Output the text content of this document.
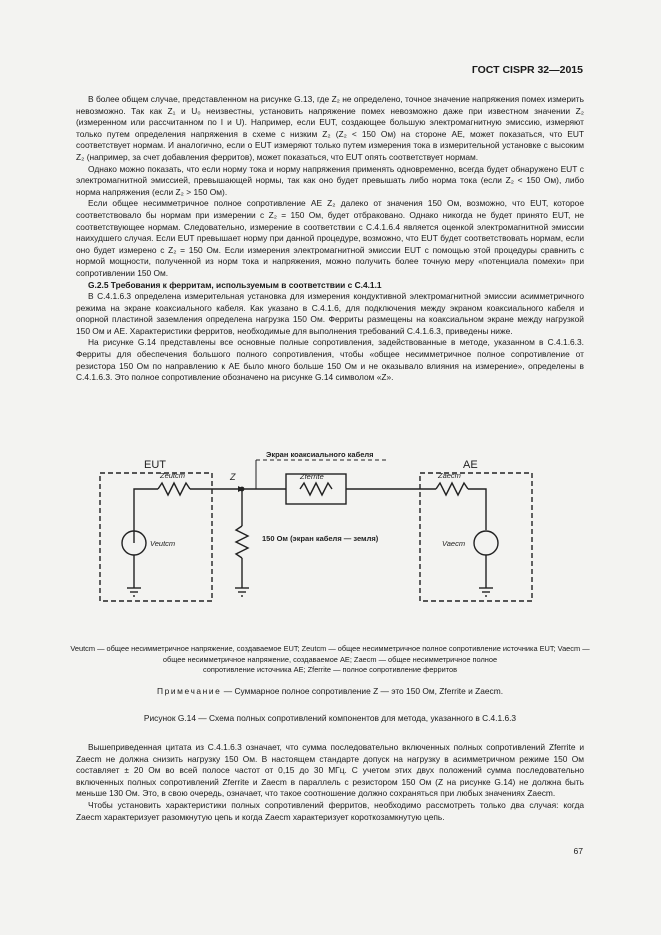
ГОСТ CISPR 32—2015

В более общем случае, представленном на рисунке G.13, где Z₂ не определено, точное значение напряжения помех измерить невозможно. Так как Z₁ и U₀ неизвестны, установить напряжение помех невозможно даже при известном значении Z₂ (измеренном или рассчитанном по I и U). Например, если EUT, создающее большую электромагнитную эмиссию, измеряют только путем определения напряжения в схеме с низким Z₂ (Z₂ < 150 Ом) на стороне АЕ, может показаться, что EUT соответствует нормам. И аналогично, если о EUT измеряют только путем измерения тока в измерительной установке с высоким Z₂ (например, за счет добавления ферритов), может показаться, что EUT опять соответствует нормам.

Однако можно показать, что если норму тока и норму напряжения применять одновременно, всегда будет обнаружено EUT с электромагнитной эмиссией, превышающей нормы, так как оно будет превышать либо норма тока (если Z₂ < 150 Ом), либо норма напряжения (если Z₂ > 150 Ом).

Если общее несимметричное полное сопротивление АЕ Z₂ далеко от значения 150 Ом, возможно, что EUT, которое соответствовало бы нормам при измерении с Z₂ = 150 Ом, будет отбраковано. Однако никогда не будет принято EUT, не соответствующее нормам. Следовательно, измерение в соответствии с С.4.1.6.4 является оценкой электромагнитной эмиссии наихудшего случая. Если EUT превышает норму при данной процедуре, возможно, что EUT будет соответствовать нормам, если оно будет измерено с Z₂ = 150 Ом. Если измерения электромагнитной эмиссии EUT с помощью этой процедуры сравнить с нормой мощности, полученной из норм тока и напряжения, можно получить более точную меру «потенциала помехи» при сопротивлении 150 Ом.

G.2.5 Требования к ферритам, используемым в соответствии с С.4.1.1

В С.4.1.6.3 определена измерительная установка для измерения кондуктивной электромагнитной эмиссии асимметричного режима на экране коаксиального кабеля. Как указано в С.4.1.6, для подключения между экраном коаксиального кабеля и опорной пластиной заземления определена нагрузка 150 Ом. Ферриты размещены на коаксиальном экране между нагрузкой 150 Ом и АЕ. Характеристики ферритов, необходимые для выполнения требований С.4.1.6.3, приведены ниже.

На рисунке G.14 представлены все основные полные сопротивления, задействованные в методе, указанном в С.4.1.6.3. Ферриты для обеспечения большого полного сопротивления, чтобы «общее несимметричное полное сопротивление от резистора 150 Ом по направлению к АЕ было много больше 150 Ом и не оказывало влияния на измерение», определены в С.4.1.6.3. Это полное сопротивление обозначено на рисунке G.14 символом «Z».

EUT	AE
Z
Экран коаксиального кабеля
Zeutcm	Zferrite	Zaecm
Veutcm	Vaecm
150 Ом (экран кабеля — земля)
Veutcm — общее несимметричное напряжение, создаваемое EUT; Zeutcm — общее несимметричное полное сопротивление источника EUT; Vaecm — общее несимметричное напряжение, создаваемое АЕ; Zaecm — общее несимметричное полное
сопротивление источника АЕ; Zferrite — полное сопротивление ферритов
Примечание — Суммарное полное сопротивление Z — это 150 Ом, Zferrite и Zaecm.
Рисунок G.14 — Схема полных сопротивлений компонентов для метода, указанного в С.4.1.6.3

Вышеприведенная цитата из С.4.1.6.3 означает, что сумма последовательно включенных полных сопротивлений Zferrite и Zaecm не должна снизить нагрузку 150 Ом. В настоящем стандарте допуск на нагрузку в асимметричном режиме 150 Ом составляет ± 20 Ом во всей полосе частот от 0,15 до 30 МГц. С учетом этих двух положений сумма последовательно включенных полных сопротивлений Zferrite и Zaecm в параллель с резистором 150 Ом (Z на рисунке G.14) не должна быть меньше 130 Ом. Это, в свою очередь, означает, что такое соотношение должно сохраняться при любых значениях Zaecm.

Чтобы установить характеристики полных сопротивлений ферритов, необходимо рассмотреть только два случая: когда Zaecm характеризует разомкнутую цепь и когда Zaecm характеризует короткозамкнутую цепь.

67
